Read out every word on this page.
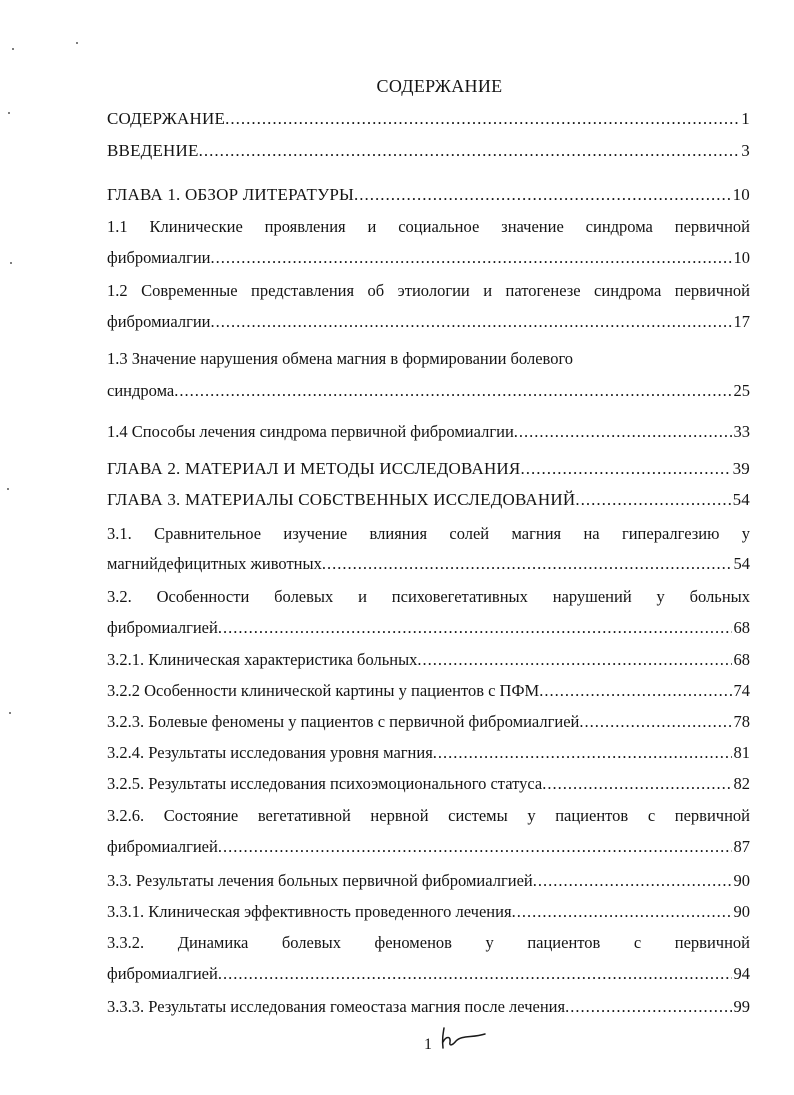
СОДЕРЖАНИЕ
СОДЕРЖАНИЕ .....	1
ВВЕДЕНИЕ .....	3
ГЛАВА 1. ОБЗОР ЛИТЕРАТУРЫ .....	10
1.1 Клинические проявления и социальное значение синдрома первичной
фибромиалгии .....	10
1.2 Современные представления об этиологии и патогенезе синдрома первичной
фибромиалгии .....	17
1.3 Значение нарушения обмена магния в формировании болевого
синдрома .....	25
1.4 Способы лечения синдрома первичной фибромиалгии .....	33
ГЛАВА 2. МАТЕРИАЛ И МЕТОДЫ ИССЛЕДОВАНИЯ .....	39
ГЛАВА 3. МАТЕРИАЛЫ СОБСТВЕННЫХ ИССЛЕДОВАНИЙ .....	54
3.1. Сравнительное изучение влияния солей магния на гипералгезию у
магнийдефицитных животных .....	54
3.2. Особенности болевых и психовегетативных нарушений у больных
фибромиалгией .....	68
3.2.1. Клиническая характеристика больных .....	68
3.2.2 Особенности клинической картины у пациентов с ПФМ .....	74
3.2.3. Болевые феномены у пациентов с первичной фибромиалгией .....	78
3.2.4. Результаты исследования уровня магния .....	81
3.2.5. Результаты исследования психоэмоционального статуса .....	82
3.2.6. Состояние вегетативной нервной системы у пациентов с первичной
фибромиалгией .....	87
3.3. Результаты лечения больных первичной фибромиалгией .....	90
3.3.1. Клиническая эффективность проведенного лечения .....	90
3.3.2. Динамика болевых феноменов у пациентов с первичной
фибромиалгией .....	94
3.3.3. Результаты исследования гомеостаза магния после лечения .....	99
1
